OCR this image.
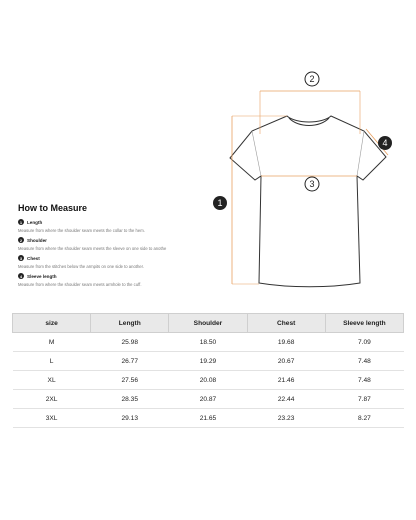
2
4
3
1
How to Measure
1	Length
Measure from where the shoulder seam meets the collar to the hem.
2	Shoulder
Measure from where the shoulder seam meets the sleeve on one side to anothe
3	Chest
Measure from the stitches below the armpits on one side to another.
4	Sleeve length
Measure from where the shoulder seam meets armhole to the cuff.
size	Length	Shoulder	Chest	Sleeve length
M	25.98	18.50	19.68	7.09
L	26.77	19.29	20.67	7.48
XL	27.56	20.08	21.46	7.48
2XL	28.35	20.87	22.44	7.87
3XL	29.13	21.65	23.23	8.27
